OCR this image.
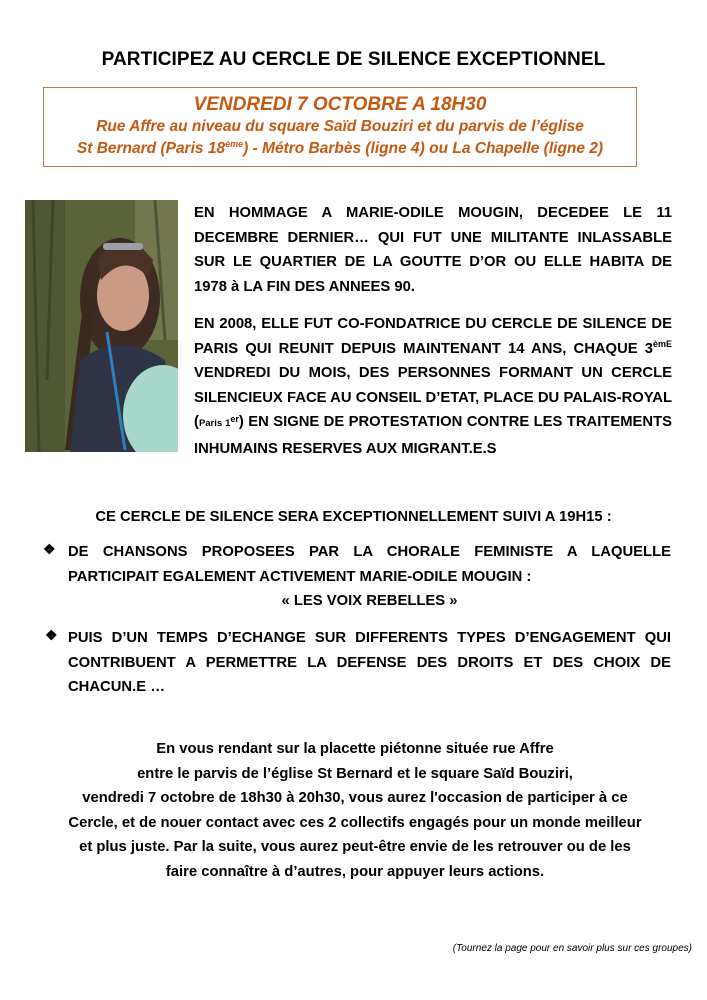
PARTICIPEZ AU CERCLE DE SILENCE EXCEPTIONNEL
VENDREDI 7 OCTOBRE A 18H30
Rue Affre au niveau du square Saïd Bouziri et du parvis de l’église
St Bernard (Paris 18ème) - Métro Barbès (ligne 4) ou La Chapelle (ligne 2)
EN HOMMAGE A MARIE-ODILE MOUGIN, DECEDEE LE 11 DECEMBRE DERNIER… QUI FUT UNE MILITANTE INLASSABLE SUR LE QUARTIER DE LA GOUTTE D’OR OU ELLE HABITA DE 1978 à LA FIN DES ANNEES 90.
EN 2008, ELLE FUT CO-FONDATRICE DU CERCLE DE SILENCE DE PARIS QUI REUNIT DEPUIS MAINTENANT 14 ANS, CHAQUE 3èmE VENDREDI DU MOIS, DES PERSONNES FORMANT UN CERCLE SILENCIEUX FACE AU CONSEIL D’ETAT, PLACE DU PALAIS-ROYAL (Paris 1er) EN SIGNE DE PROTESTATION CONTRE LES TRAITEMENTS INHUMAINS RESERVES AUX MIGRANT.E.S
CE CERCLE DE SILENCE SERA EXCEPTIONNELLEMENT SUIVI A 19H15 :
❖ DE CHANSONS PROPOSEES PAR LA CHORALE FEMINISTE A LAQUELLE PARTICIPAIT EGALEMENT ACTIVEMENT MARIE-ODILE MOUGIN :
« LES VOIX REBELLES »
❖ PUIS D’UN TEMPS D’ECHANGE SUR DIFFERENTS TYPES D’ENGAGEMENT QUI CONTRIBUENT A PERMETTRE LA DEFENSE DES DROITS ET DES CHOIX DE CHACUN.E …
En vous rendant sur la placette piétonne située rue Affre
entre le parvis de l’église St Bernard et le square Saïd Bouziri,
vendredi 7 octobre de 18h30 à 20h30, vous aurez l'occasion de participer à ce
Cercle, et de nouer contact avec ces 2 collectifs engagés pour un monde meilleur
et plus juste. Par la suite, vous aurez peut-être envie de les retrouver ou de les
faire connaître à d’autres, pour appuyer leurs actions.
(Tournez la page pour en savoir plus sur ces groupes)
